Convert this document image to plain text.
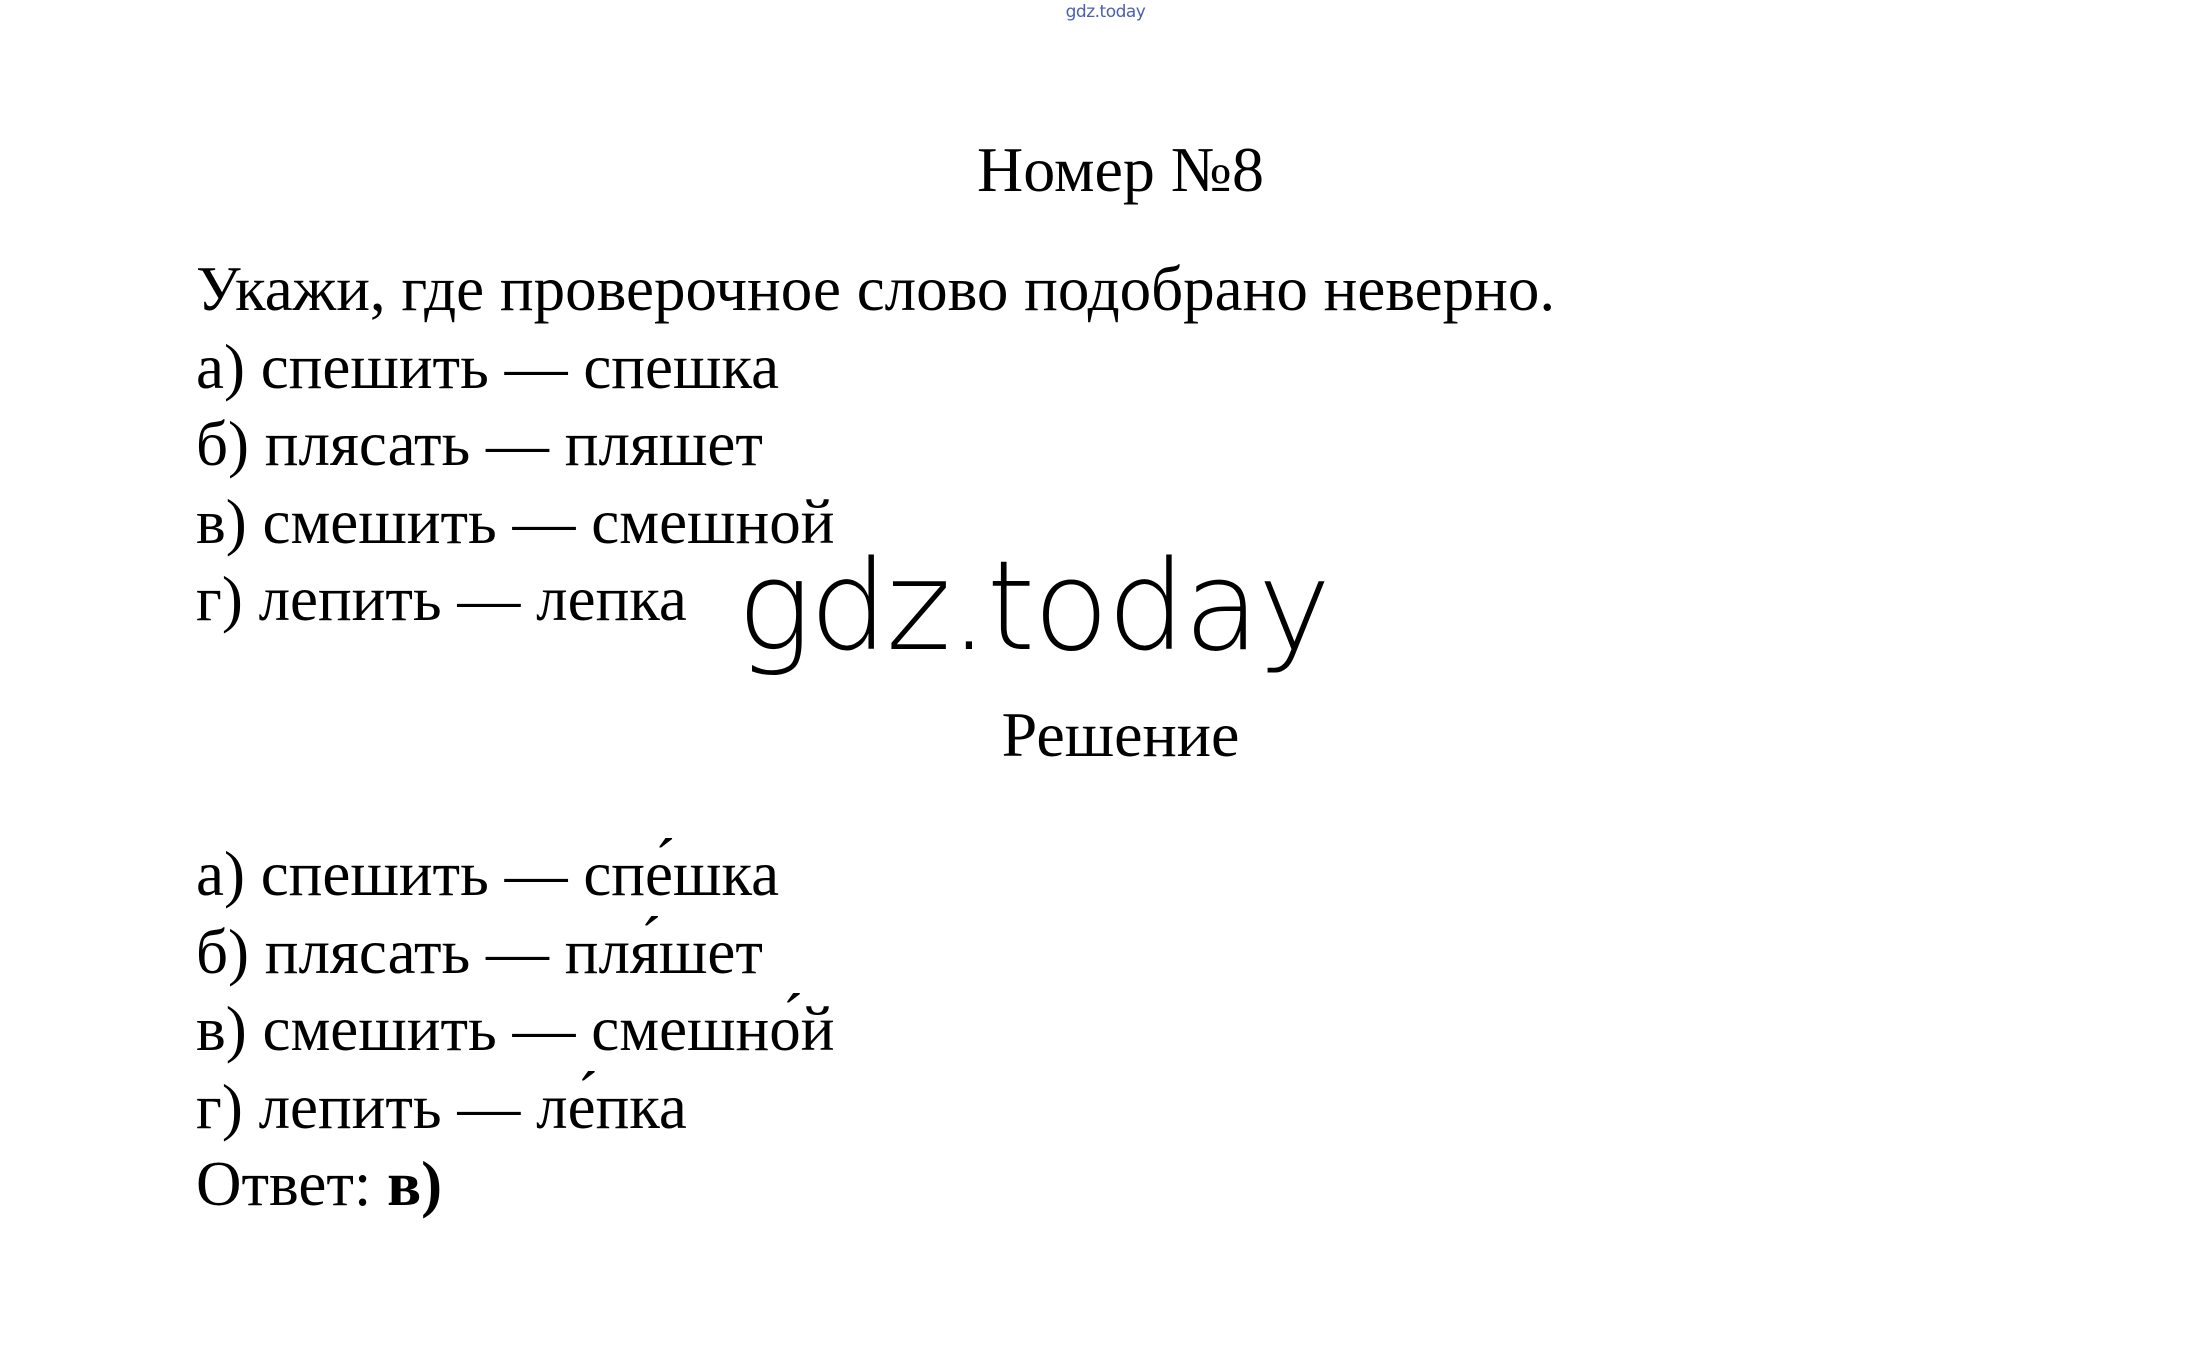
gdz.today
Номер №8
Укажи, где проверочное слово подобрано неверно.
а) спешить — спешка
б) плясать — пляшет
в) смешить — смешной
г) лепить — лепка gdz.today
Решение
а) спешить — спе́шка
б) плясать — пля́шет
в) смешить — смешно́й
г) лепить — ле́пка
Ответ: в)
